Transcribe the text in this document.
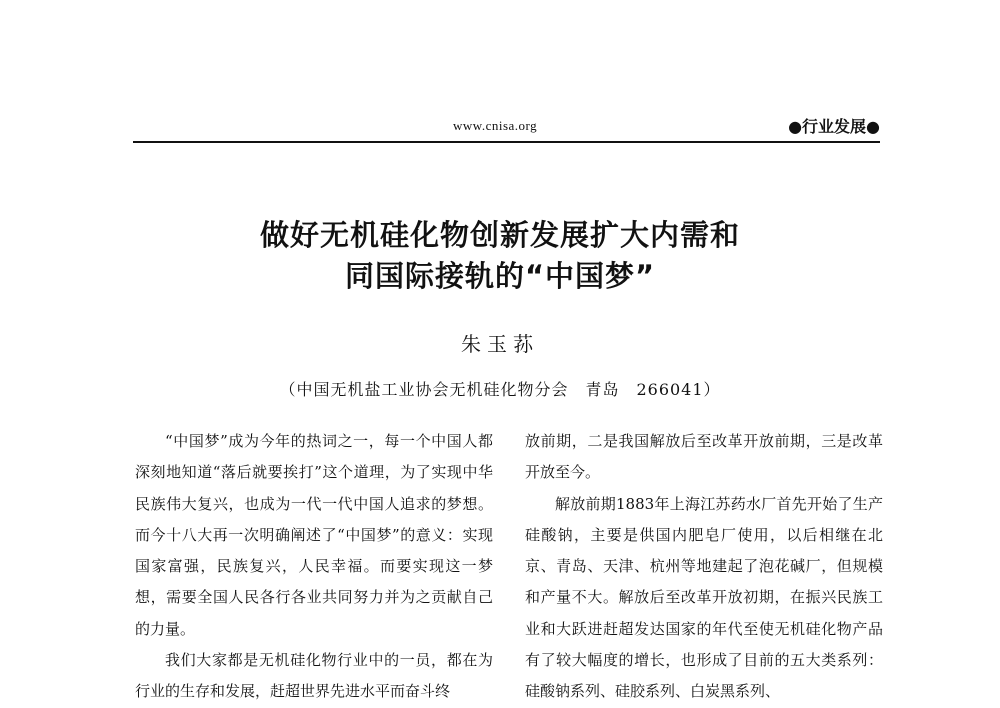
www.cnisa.org	●行业发展●
做好无机硅化物创新发展扩大内需和
同国际接轨的“中国梦”
朱玉荪
（中国无机盐工业协会无机硅化物分会　青岛　266041）

“中国梦”成为今年的热词之一，每一个中国人都深刻地知道“落后就要挨打”这个道理，为了实现中华民族伟大复兴，也成为一代一代中国人追求的梦想。而今十八大再一次明确阐述了“中国梦”的意义：实现国家富强，民族复兴，人民幸福。而要实现这一梦想，需要全国人民各行各业共同努力并为之贡献自己的力量。

我们大家都是无机硅化物行业中的一员，都在为行业的生存和发展，赶超世界先进水平而奋斗终

放前期，二是我国解放后至改革开放前期，三是改革开放至今。

解放前期1883年上海江苏药水厂首先开始了生产硅酸钠，主要是供国内肥皂厂使用，以后相继在北京、青岛、天津、杭州等地建起了泡花碱厂，但规模和产量不大。解放后至改革开放初期，在振兴民族工业和大跃进赶超发达国家的年代至使无机硅化物产品有了较大幅度的增长，也形成了目前的五大类系列：硅酸钠系列、硅胶系列、白炭黑系列、
